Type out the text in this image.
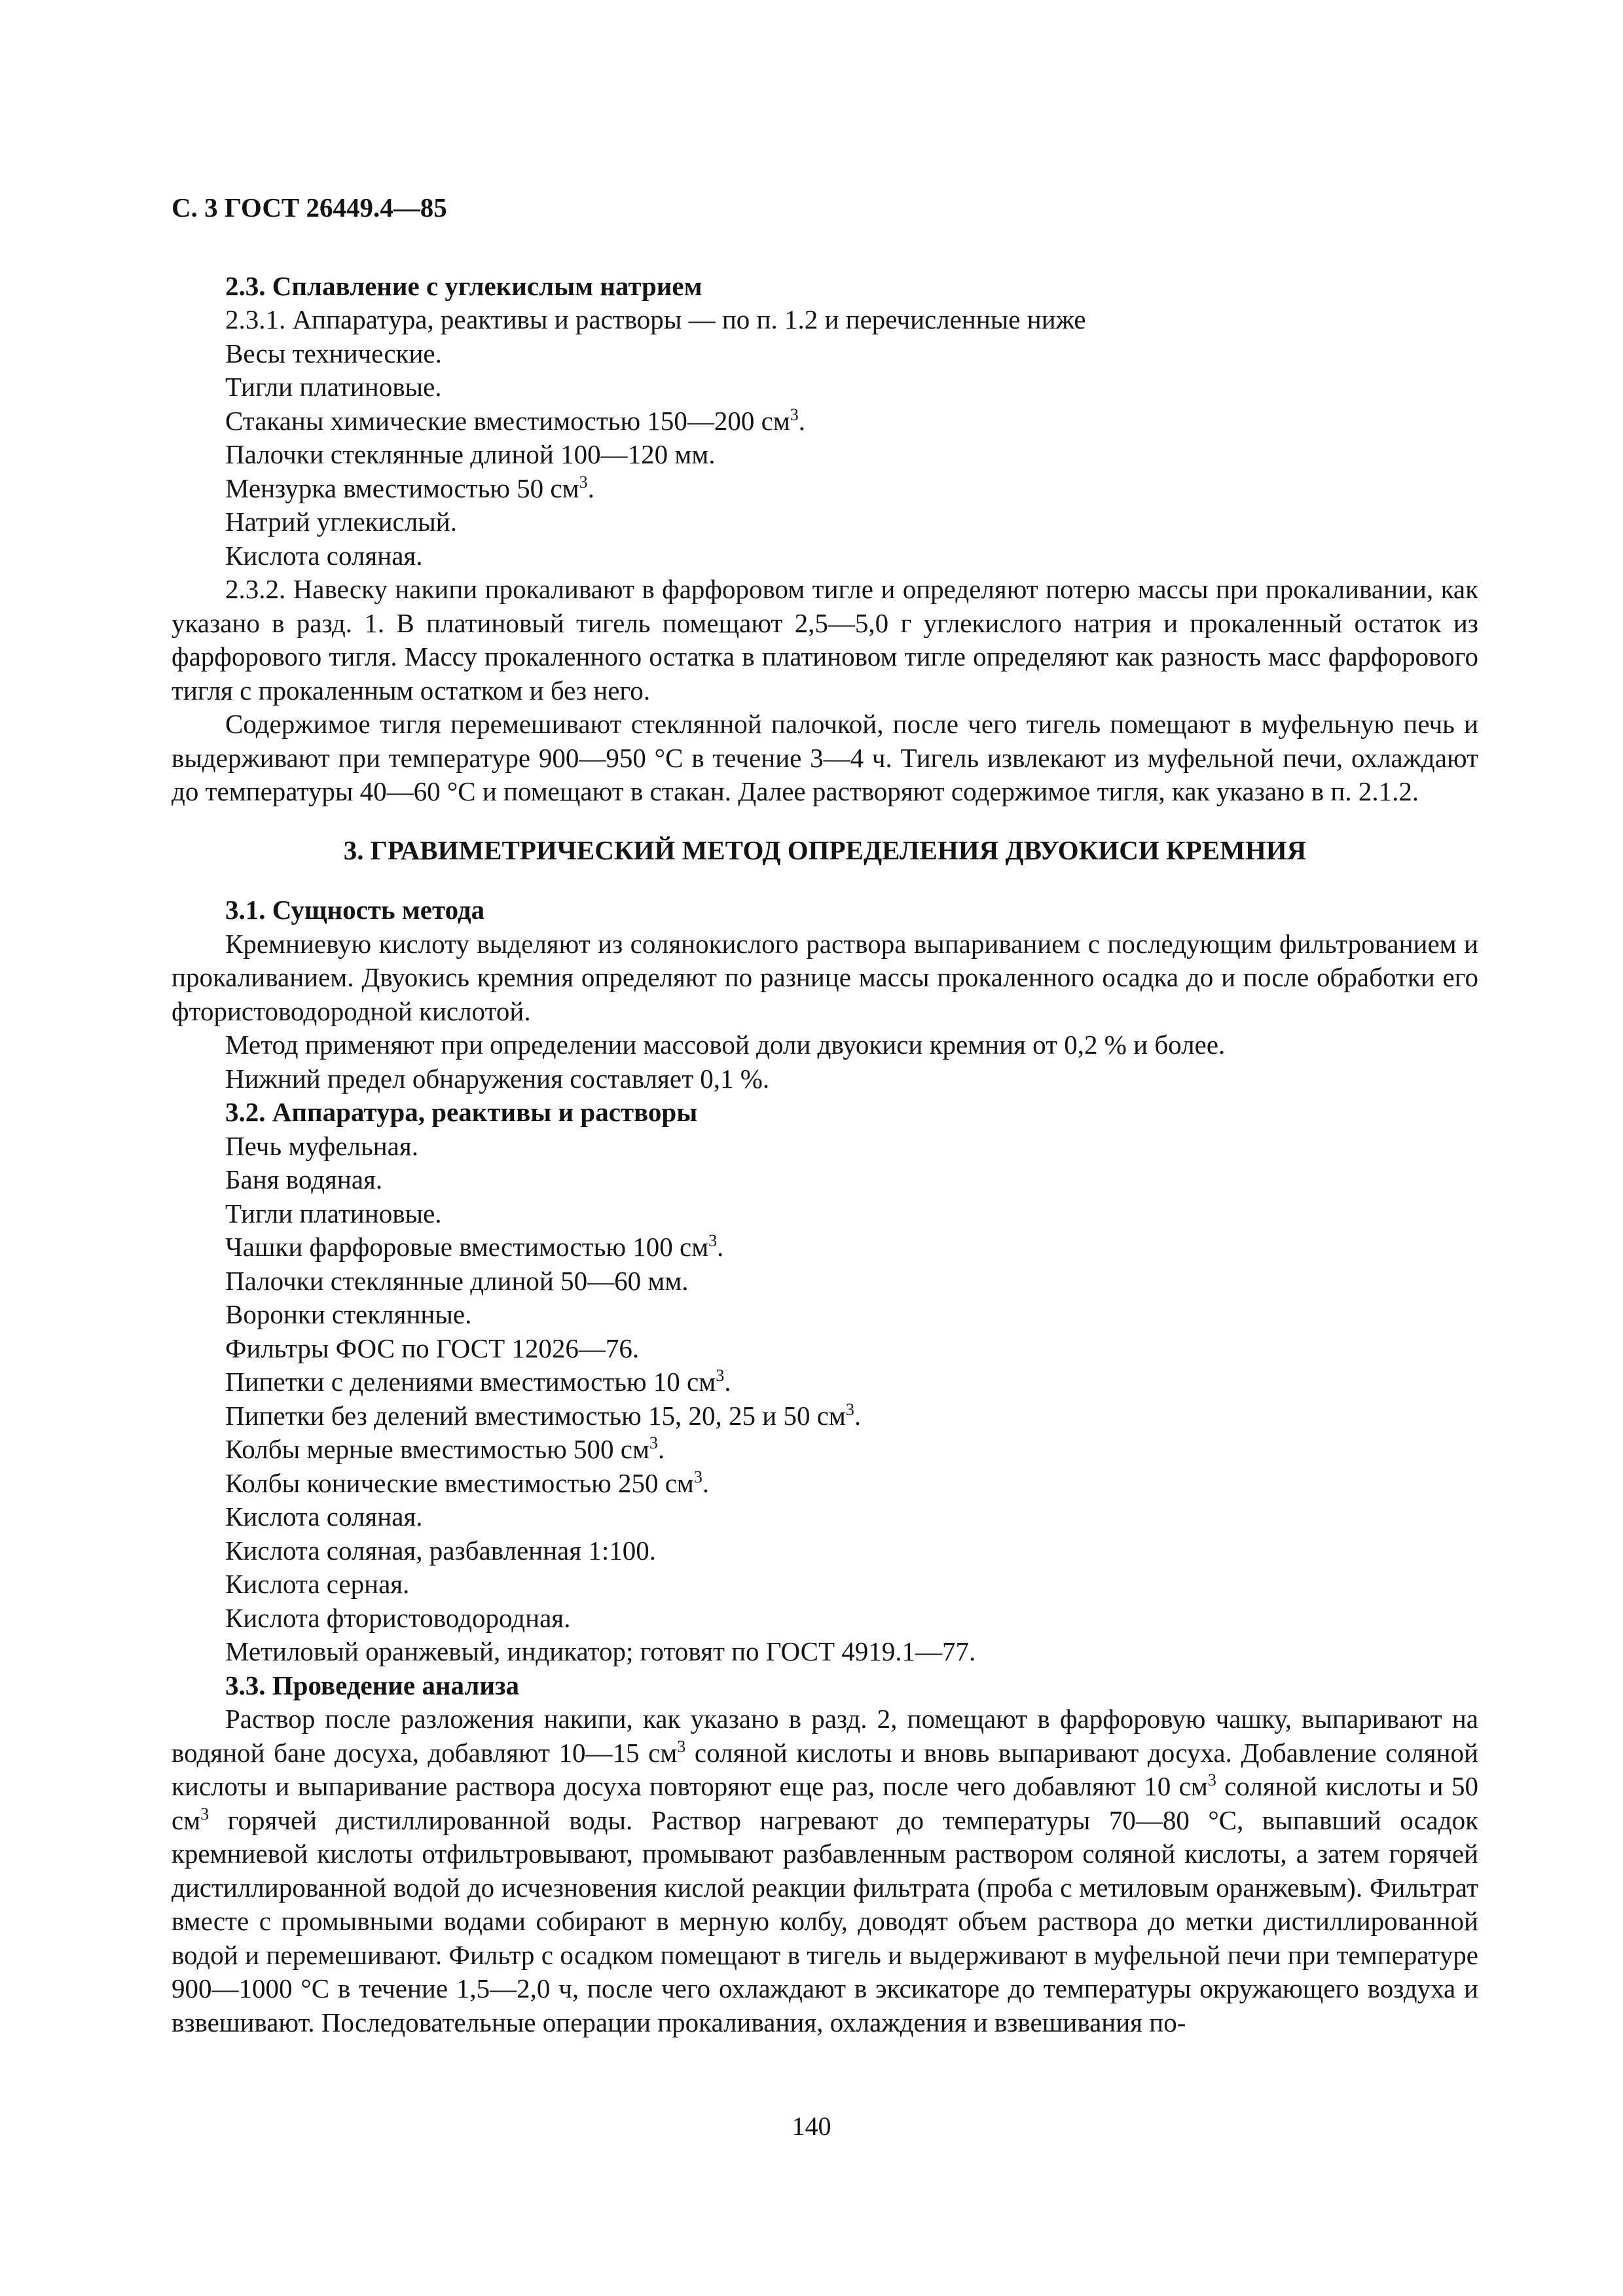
С. 3 ГОСТ 26449.4—85

2.3. Сплавление с углекислым натрием

2.3.1. Аппаратура, реактивы и растворы — по п. 1.2 и перечисленные ниже

Весы технические.

Тигли платиновые.

Стаканы химические вместимостью 150—200 $см^3$.

Палочки стеклянные длиной 100—120 мм.

Мензурка вместимостью 50 $см^3$.

Натрий углекислый.

Кислота соляная.

2.3.2. Навеску накипи прокаливают в фарфоровом тигле и определяют потерю массы при прокаливании, как указано в разд. 1. В платиновый тигель помещают 2,5—5,0 г углекислого натрия и прокаленный остаток из фарфорового тигля. Массу прокаленного остатка в платиновом тигле определяют как разность масс фарфорового тигля с прокаленным остатком и без него.

Содержимое тигля перемешивают стеклянной палочкой, после чего тигель помещают в муфельную печь и выдерживают при температуре 900—950 °С в течение 3—4 ч. Тигель извлекают из муфельной печи, охлаждают до температуры 40—60 °С и помещают в стакан. Далее растворяют содержимое тигля, как указано в п. 2.1.2.

3. ГРАВИМЕТРИЧЕСКИЙ МЕТОД ОПРЕДЕЛЕНИЯ ДВУОКИСИ КРЕМНИЯ

3.1. Сущность метода

Кремниевую кислоту выделяют из солянокислого раствора выпариванием с последующим фильтрованием и прокаливанием. Двуокись кремния определяют по разнице массы прокаленного осадка до и после обработки его фтористоводородной кислотой.

Метод применяют при определении массовой доли двуокиси кремния от 0,2 % и более.

Нижний предел обнаружения составляет 0,1 %.

3.2. Аппаратура, реактивы и растворы

Печь муфельная.

Баня водяная.

Тигли платиновые.

Чашки фарфоровые вместимостью 100 $см^3$.

Палочки стеклянные длиной 50—60 мм.

Воронки стеклянные.

Фильтры ФОС по ГОСТ 12026—76.

Пипетки с делениями вместимостью 10 $см^3$.

Пипетки без делений вместимостью 15, 20, 25 и 50 $см^3$.

Колбы мерные вместимостью 500 $см^3$.

Колбы конические вместимостью 250 $см^3$.

Кислота соляная.

Кислота соляная, разбавленная 1:100.

Кислота серная.

Кислота фтористоводородная.

Метиловый оранжевый, индикатор; готовят по ГОСТ 4919.1—77.

3.3. Проведение анализа

Раствор после разложения накипи, как указано в разд. 2, помещают в фарфоровую чашку, выпаривают на водяной бане досуха, добавляют 10—15 $см^3$ соляной кислоты и вновь выпаривают досуха. Добавление соляной кислоты и выпаривание раствора досуха повторяют еще раз, после чего добавляют 10 $см^3$ соляной кислоты и 50 $см^3$ горячей дистиллированной воды. Раствор нагревают до температуры 70—80 °С, выпавший осадок кремниевой кислоты отфильтровывают, промывают разбавленным раствором соляной кислоты, а затем горячей дистиллированной водой до исчезновения кислой реакции фильтрата (проба с метиловым оранжевым). Фильтрат вместе с промывными водами собирают в мерную колбу, доводят объем раствора до метки дистиллированной водой и перемешивают. Фильтр с осадком помещают в тигель и выдерживают в муфельной печи при температуре 900—1000 °С в течение 1,5—2,0 ч, после чего охлаждают в эксикаторе до температуры окружающего воздуха и взвешивают. Последовательные операции прокаливания, охлаждения и взвешивания по-

140
